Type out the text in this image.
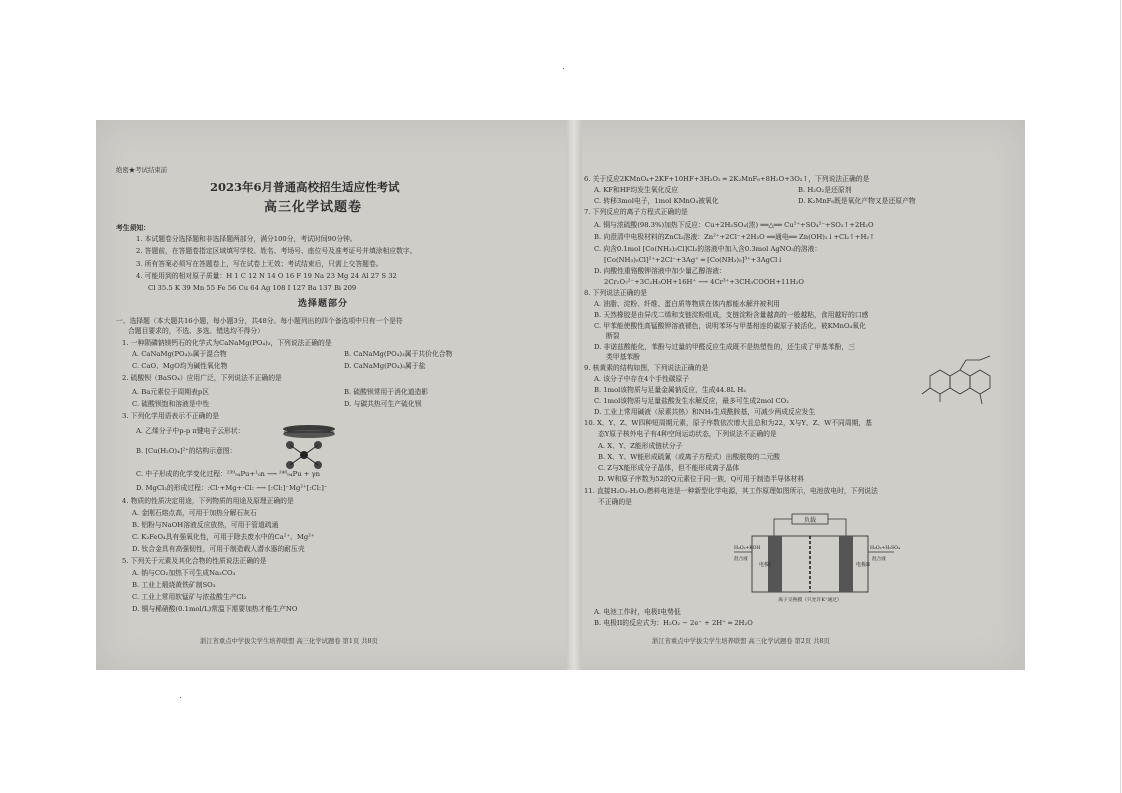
绝密★考试结束前
2023年6月普通高校招生适应性考试
高三化学试题卷
考生须知：
1. 本试题卷分选择题和非选择题两部分，满分100分，考试时间90分钟。
2. 答题前，在答题卷指定区域填写学校、姓名、考场号、座位号及准考证号并填涂相应数字。
3. 所有答案必须写在答题卷上，写在试卷上无效；考试结束后，只需上交答题卷。
4. 可能用到的相对原子质量：H 1 C 12 N 14 O 16 F 19 Na 23 Mg 24 Al 27 S 32
Cl 35.5 K 39 Mn 55 Fe 56 Cu 64 Ag 108 I 127 Ba 137 Bi 209
选择题部分
一、选择题（本大题共16小题，每小题3分，共48分。每小题列出的四个备选项中只有一个是符
合题目要求的，不选、多选、错选均不得分）
1. 一种陨磷钠镁钙石的化学式为CaNaMg(PO₄)₃，下列说法正确的是
A. CaNaMg(PO₄)₃属于混合物	B. CaNaMg(PO₄)₃属于共价化合物
C. CaO、MgO均为碱性氧化物	D. CaNaMg(PO₄)₃属于盐
2. 硫酸钡（BaSO₄）应用广泛，下列说法不正确的是
A. Ba元素位于周期表p区	B. 硫酸钡常用于消化道造影
C. 硫酸钡饱和溶液是中性	D. 与碳共热可生产硫化钡
3. 下列化学用语表示不正确的是
A. 乙烯分子中p-p π键电子云形状：
B. [Cu(H₂O)₄]²⁺的结构示意图：
C. 中子形成的化学变化过程：²³⁹₉₄Pu+¹₀n ⟶ ²⁴⁰₉₄Pu + γn
D. MgCl₂的形成过程：:Cl·+Mg+·Cl: ⟶ [:Cl:]⁻Mg²⁺[:Cl:]⁻
4. 物质的性质决定用途，下列物质的用途及原理正确的是
A. 金刚石熔点高，可用于加热分解石灰石
B. 铝粉与NaOH溶液反应放热，可用于管道疏通
C. K₂FeO₄具有强氧化性，可用于除去废水中的Ca²⁺、Mg²⁺
D. 钛合金具有高强韧性，可用于制造载人潜水器的耐压壳
5. 下列关于元素及其化合物的性质说法正确的是
A. 钠与CO₂加热下可生成Na₂CO₃
B. 工业上煅烧黄铁矿制SO₃
C. 工业上常用软锰矿与浓盐酸生产Cl₂
D. 铜与稀硝酸(0.1mol/L)常温下需要加热才能生产NO
浙江省重点中学拔尖学生培养联盟 高三化学试题卷 第1页 共8页
6. 关于反应2KMnO₄+2KF+10HF+3H₂O₂ ═ 2K₂MnF₆+8H₂O+3O₂↑，下列说法正确的是
A. KF和HF均发生氧化反应	B. H₂O₂是还原剂
C. 转移3mol电子，1mol KMnO₄被氧化	D. K₂MnF₆既是氧化产物又是还原产物
7. 下列反应的离子方程式正确的是
A. 铜与浓硫酸(98.3%)加热下反应：Cu+2H₂SO₄(浓) ══△══ Cu²⁺+SO₄²⁻+SO₂↑+2H₂O
B. 向澄清中电极材料的ZnCl₂溶液：Zn²⁺+2Cl⁻+2H₂O ══通电══ Zn(OH)₂↓+Cl₂↑+H₂↑
C. 向含0.1mol [Co(NH₃)₅Cl]Cl₂的溶液中加入含0.3mol AgNO₃的溶液：
[Co(NH₃)₅Cl]²⁺+2Cl⁻+3Ag⁺ ═ [Co(NH₃)₅]³⁺+3AgCl↓
D. 向酸性重铬酸钾溶液中加少量乙醇溶液：
2Cr₂O₇²⁻+3C₂H₅OH+16H⁺ ⟶ 4Cr³⁺+3CH₃COOH+11H₂O
8. 下列说法正确的是
A. 油脂、淀粉、纤维、蛋白质等物质在体内都能水解并被利用
B. 天然橡胶是由异戊二烯和支链淀粉组成，支链淀粉含量越高的一般越粘，食用越好的口感
C. 甲苯能使酸性高锰酸钾溶液褪色，说明苯环与甲基相连的碳原子被活化，被KMnO₄氧化
断裂
D. 非诺兹酸能化，苯酚与过量的甲醛反应生成既不是热塑性的，还生成了甲基苯酚，三
类甲基苯酚
9. 核黄素的结构如图，下列说法正确的是
A. 该分子中存在4个手性碳原子
B. 1mol该物质与足量金属钠反应，生成44.8L H₂
C. 1mol该物质与足量盐酸发生水解反应，最多可生成2mol CO₂
D. 工业上常用碱液（尿素共热）和NH₃生成酰胺基，可减少两成反应发生
10. X、Y、Z、W四种短周期元素，原子序数依次增大且总和为22，X与Y、Z、W不同周期，基
态Y原子核外电子有4种空间运动状态，下列说法不正确的是
A. X、Y、Z能形成链状分子
B. X、Y、W能形成硫氰（或离子方程式）出酸脱羧的二元酸
C. Z与X能形成分子晶体，但不能形成离子晶体
D. W和原子序数为52的Q元素位于同一族，Q可用于制造半导体材料
11. 直接H₂O₂-H₂O₂燃料电池是一种新型化学电源，其工作原理如图所示，电池放电时，下列说法
不正确的是
负载
电极I	电极II
H₂O₂+KOH
混合液
H₂O₂+H₂SO₄
混合液
离子交换膜（只允许K⁺通过）
A. 电池工作时，电极I电势低
B. 电极II的反应式为：H₂O₂ − 2e⁻ + 2H⁺ ═ 2H₂O
浙江省重点中学拔尖学生培养联盟 高三化学试题卷 第2页 共8页
